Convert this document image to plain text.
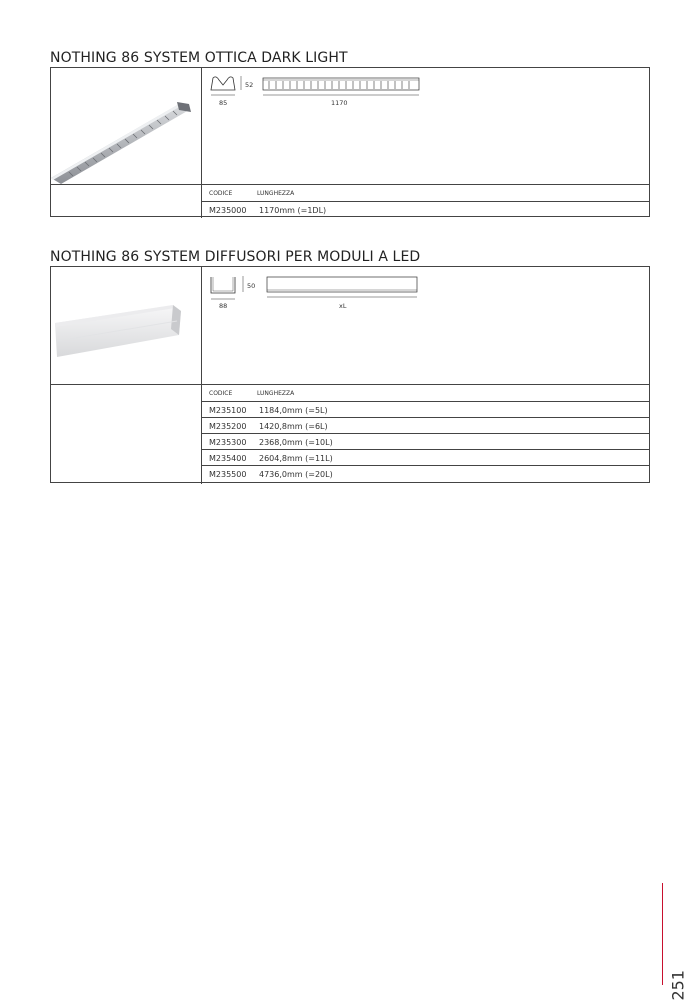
NOTHING 86 SYSTEM OTTICA DARK LIGHT
52
85	1170
CODICE	LUNGHEZZA
M235000 1170mm (=1DL)
NOTHING 86 SYSTEM DIFFUSORI PER MODULI A LED
50
88	xL
CODICE	LUNGHEZZA
M235100 1184,0mm (=5L)
M235200 1420,8mm (=6L)
M235300 2368,0mm (=10L)
M235400 2604,8mm (=11L)
M235500 4736,0mm (=20L)
251
